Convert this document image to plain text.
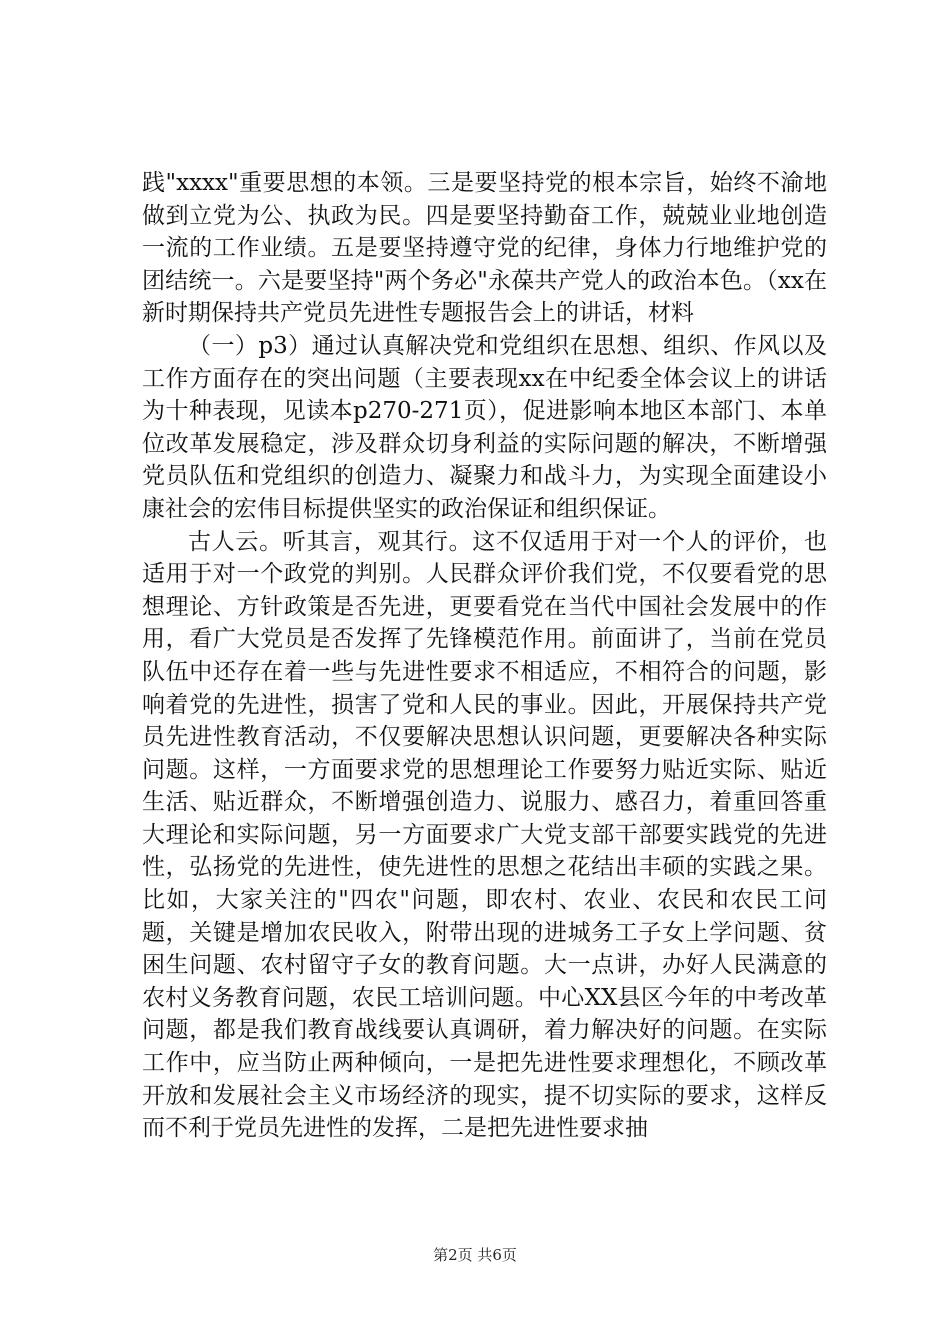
践"xxxx"重要思想的本领。三是要坚持党的根本宗旨，始终不渝地做到立党为公、执政为民。四是要坚持勤奋工作，兢兢业业地创造一流的工作业绩。五是要坚持遵守党的纪律，身体力行地维护党的团结统一。六是要坚持"两个务必"永葆共产党人的政治本色。（xx在新时期保持共产党员先进性专题报告会上的讲话，材料

（一）p3）通过认真解决党和党组织在思想、组织、作风以及工作方面存在的突出问题（主要表现xx在中纪委全体会议上的讲话为十种表现，见读本p270-271页），促进影响本地区本部门、本单位改革发展稳定，涉及群众切身利益的实际问题的解决，不断增强党员队伍和党组织的创造力、凝聚力和战斗力，为实现全面建设小康社会的宏伟目标提供坚实的政治保证和组织保证。

古人云。听其言，观其行。这不仅适用于对一个人的评价，也适用于对一个政党的判别。人民群众评价我们党，不仅要看党的思想理论、方针政策是否先进，更要看党在当代中国社会发展中的作用，看广大党员是否发挥了先锋模范作用。前面讲了，当前在党员队伍中还存在着一些与先进性要求不相适应，不相符合的问题，影响着党的先进性，损害了党和人民的事业。因此，开展保持共产党员先进性教育活动，不仅要解决思想认识问题，更要解决各种实际问题。这样，一方面要求党的思想理论工作要努力贴近实际、贴近生活、贴近群众，不断增强创造力、说服力、感召力，着重回答重大理论和实际问题，另一方面要求广大党支部干部要实践党的先进性，弘扬党的先进性，使先进性的思想之花结出丰硕的实践之果。比如，大家关注的"四农"问题，即农村、农业、农民和农民工问题，关键是增加农民收入，附带出现的进城务工子女上学问题、贫困生问题、农村留守子女的教育问题。大一点讲，办好人民满意的农村义务教育问题，农民工培训问题。中心XX县区今年的中考改革问题，都是我们教育战线要认真调研，着力解决好的问题。在实际工作中，应当防止两种倾向，一是把先进性要求理想化，不顾改革开放和发展社会主义市场经济的现实，提不切实际的要求，这样反而不利于党员先进性的发挥，二是把先进性要求抽

第2页 共6页
